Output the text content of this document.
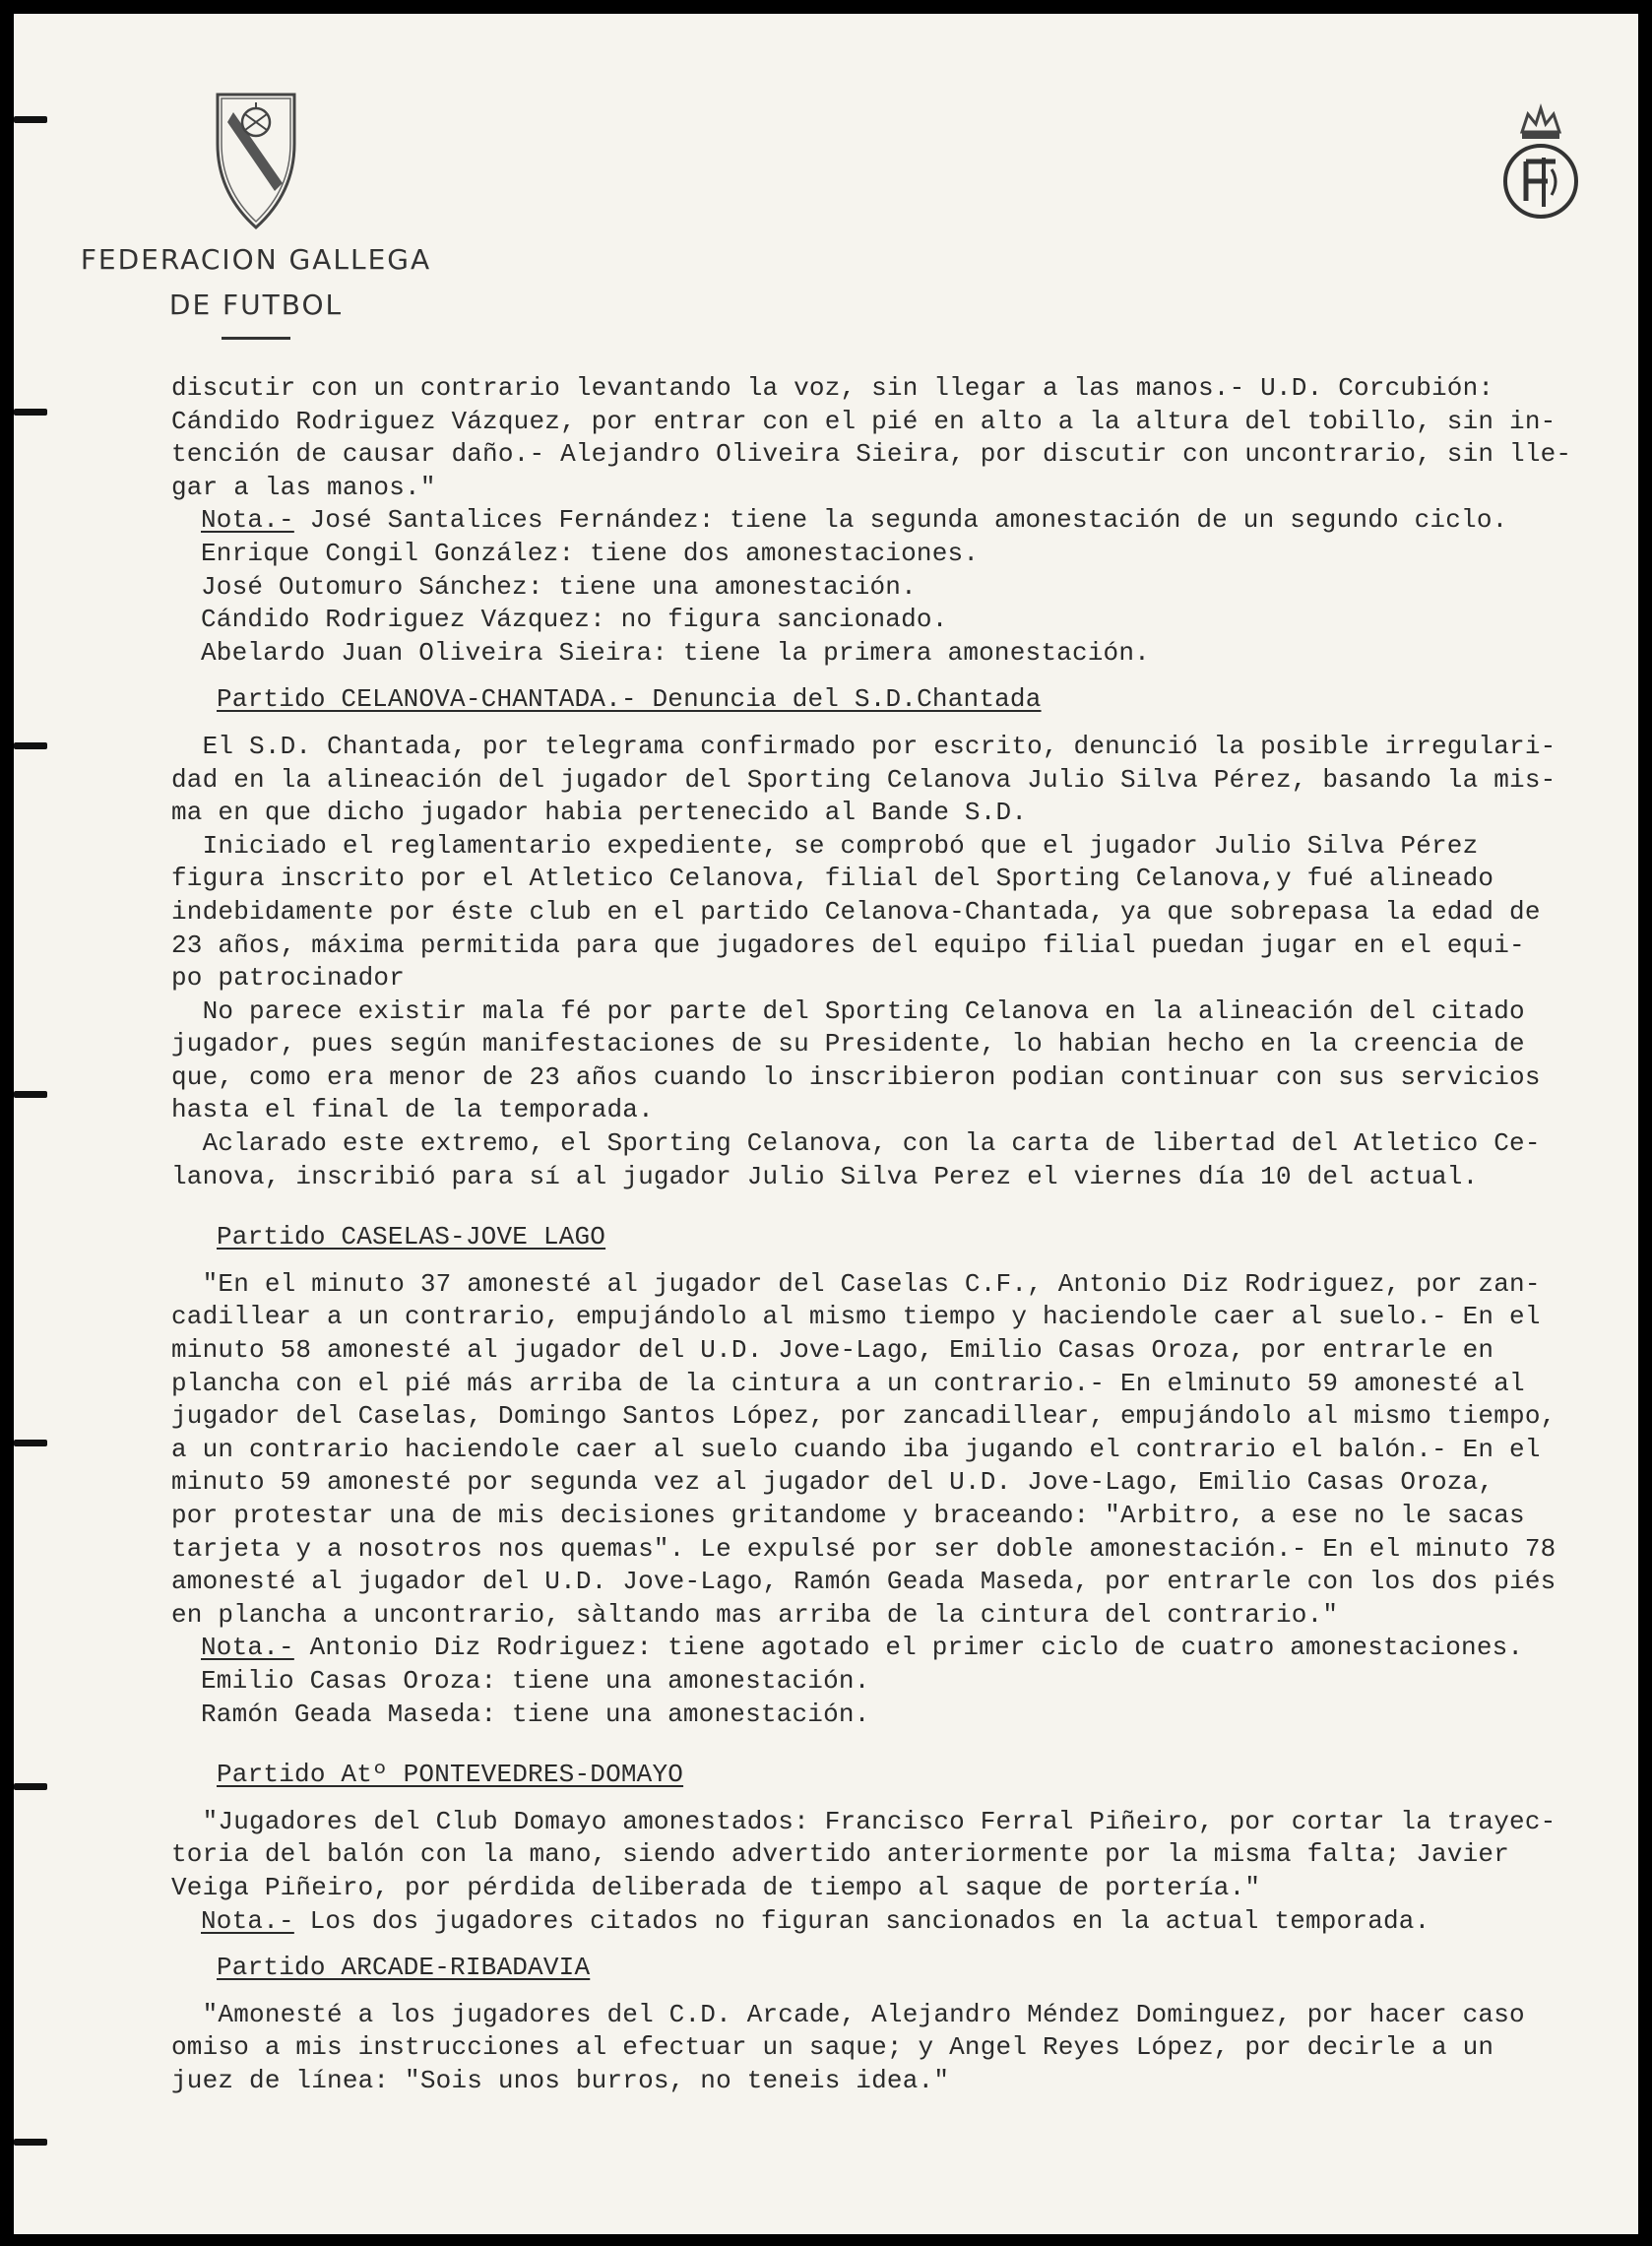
FEDERACION GALLEGA
DE FUTBOL
discutir con un contrario levantando la voz, sin llegar a las manos.- U.D. Corcubión:
Cándido Rodriguez Vázquez, por entrar con el pié en alto a la altura del tobillo, sin in-
tención de causar daño.- Alejandro Oliveira Sieira, por discutir con uncontrario, sin lle-
gar a las manos."
Nota.- José Santalices Fernández: tiene la segunda amonestación de un segundo ciclo.
Enrique Congil González: tiene dos amonestaciones.
José Outomuro Sánchez: tiene una amonestación.
Cándido Rodriguez Vázquez: no figura sancionado.
Abelardo Juan Oliveira Sieira: tiene la primera amonestación.
Partido CELANOVA-CHANTADA.- Denuncia del S.D.Chantada
El S.D. Chantada, por telegrama confirmado por escrito, denunció la posible irregulari-
dad en la alineación del jugador del Sporting Celanova Julio Silva Pérez, basando la mis-
ma en que dicho jugador habia pertenecido al Bande S.D.
Iniciado el reglamentario expediente, se comprobó que el jugador Julio Silva Pérez
figura inscrito por el Atletico Celanova, filial del Sporting Celanova,y fué alineado
indebidamente por éste club en el partido Celanova-Chantada, ya que sobrepasa la edad de
23 años, máxima permitida para que jugadores del equipo filial puedan jugar en el equi-
po patrocinador
No parece existir mala fé por parte del Sporting Celanova en la alineación del citado
jugador, pues según manifestaciones de su Presidente, lo habian hecho en la creencia de
que, como era menor de 23 años cuando lo inscribieron podian continuar con sus servicios
hasta el final de la temporada.
Aclarado este extremo, el Sporting Celanova, con la carta de libertad del Atletico Ce-
lanova, inscribió para sí al jugador Julio Silva Perez el viernes día 10 del actual.
Partido CASELAS-JOVE LAGO
"En el minuto 37 amonesté al jugador del Caselas C.F., Antonio Diz Rodriguez, por zan-
cadillear a un contrario, empujándolo al mismo tiempo y haciendole caer al suelo.- En el
minuto 58 amonesté al jugador del U.D. Jove-Lago, Emilio Casas Oroza, por entrarle en
plancha con el pié más arriba de la cintura a un contrario.- En elminuto 59 amonesté al
jugador del Caselas, Domingo Santos López, por zancadillear, empujándolo al mismo tiempo,
a un contrario haciendole caer al suelo cuando iba jugando el contrario el balón.- En el
minuto 59 amonesté por segunda vez al jugador del U.D. Jove-Lago, Emilio Casas Oroza,
por protestar una de mis decisiones gritandome y braceando: "Arbitro, a ese no le sacas
tarjeta y a nosotros nos quemas". Le expulsé por ser doble amonestación.- En el minuto 78
amonesté al jugador del U.D. Jove-Lago, Ramón Geada Maseda, por entrarle con los dos piés
en plancha a uncontrario, sàltando mas arriba de la cintura del contrario."
Nota.- Antonio Diz Rodriguez: tiene agotado el primer ciclo de cuatro amonestaciones.
Emilio Casas Oroza: tiene una amonestación.
Ramón Geada Maseda: tiene una amonestación.
Partido Atº PONTEVEDRES-DOMAYO
"Jugadores del Club Domayo amonestados: Francisco Ferral Piñeiro, por cortar la trayec-
toria del balón con la mano, siendo advertido anteriormente por la misma falta; Javier
Veiga Piñeiro, por pérdida deliberada de tiempo al saque de portería."
Nota.- Los dos jugadores citados no figuran sancionados en la actual temporada.
Partido ARCADE-RIBADAVIA
"Amonesté a los jugadores del C.D. Arcade, Alejandro Méndez Dominguez, por hacer caso
omiso a mis instrucciones al efectuar un saque; y Angel Reyes López, por decirle a un
juez de línea: "Sois unos burros, no teneis idea."
